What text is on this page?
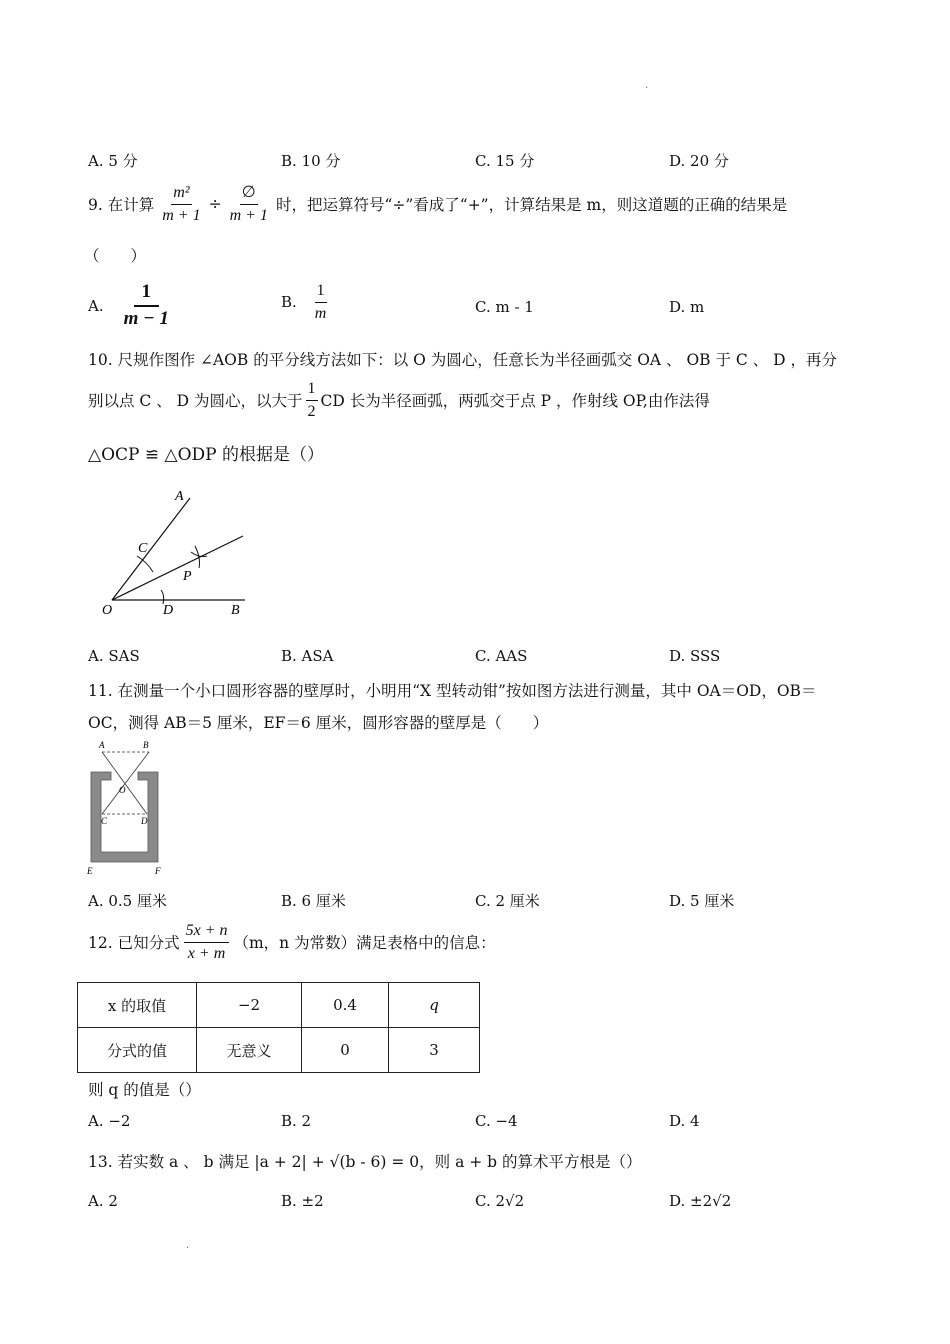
.
A. 5 分	B. 10 分	C. 15 分	D. 20 分
9. 在计算 $\frac{\text{m²}}{m + 1} \div \frac{\emptyset}{m + 1}$ 时，把运算符号“÷”看成了“+”，计算结果是 m，则这道题的正确的结果是
（　　）
A. $\frac{1}{m - 1}$	B. $\frac{1}{m}$	C. m - 1	D. m
10. 尺规作图作 ∠AOB 的平分线方法如下：以 O 为圆心，任意长为半径画弧交 OA 、 OB 于 C 、 D ，再分
别以点 C 、 D 为圆心，以大于 $\frac{1}{2}$ CD 长为半径画弧，两弧交于点 P ，作射线 OP,由作法得
△OCP ≌ △ODP 的根据是（）
A
C
P
O	D	B
A. SAS	B. ASA	C. AAS	D. SSS
11. 在测量一个小口圆形容器的壁厚时，小明用“X 型转动钳”按如图方法进行测量，其中 OA＝OD，OB＝
OC，测得 AB＝5 厘米，EF＝6 厘米，圆形容器的壁厚是（　　）
A	B
O
C	D
E	F
A. 0.5 厘米	B. 6 厘米	C. 2 厘米	D. 5 厘米
12. 已知分式 $\frac{5x + n}{x + m} (m$，n 为常数）满足表格中的信息：
x 的取值	−2	0.4	q
分式的值	无意义	0	3
则 q 的值是（）
A. −2	B. 2	C. −4	D. 4
13. 若实数 a 、 b 满足 |a + 2| + √(b - 6) = 0，则 a + b 的算术平方根是（）
A. 2	B. ±2	C. 2√2	D. ±2√2
.
